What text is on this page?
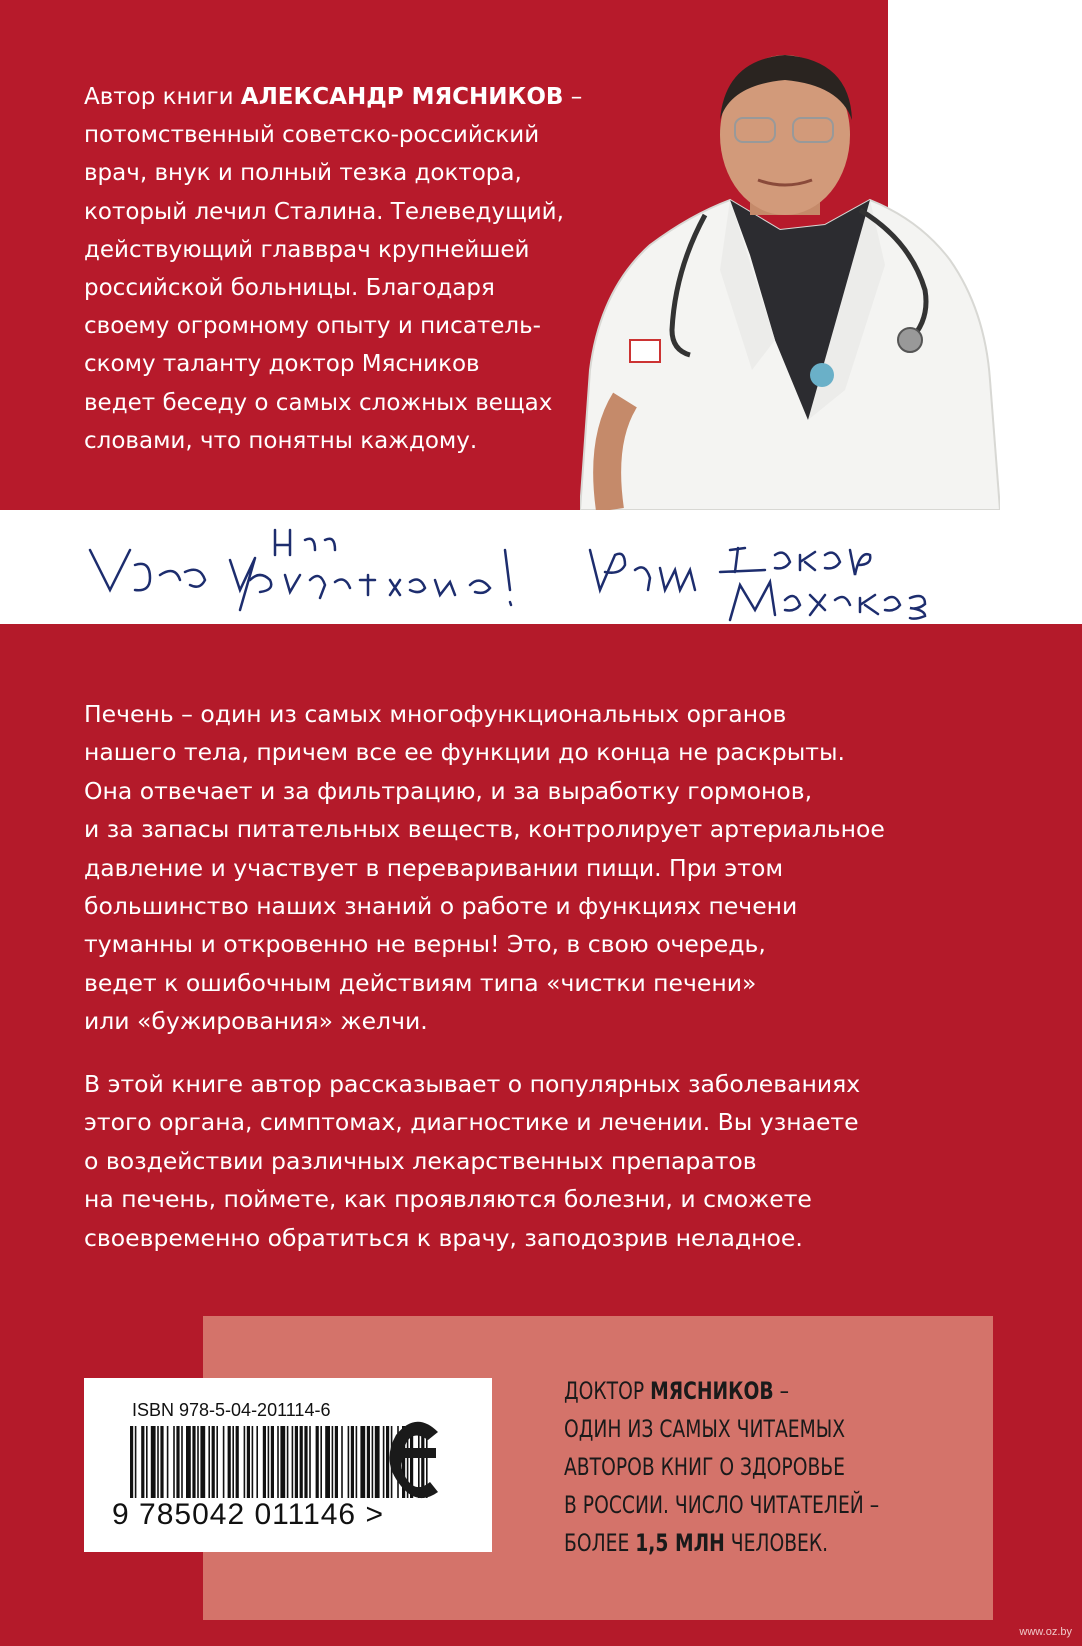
Автор книги АЛЕКСАНДР МЯСНИКОВ –
потомственный советско-российский
врач, внук и полный тезка доктора,
который лечил Сталина. Телеведущий,
действующий главврач крупнейшей
российской больницы. Благодаря
своему огромному опыту и писатель-
скому таланту доктор Мясников
ведет беседу о самых сложных вещах
словами, что понятны каждому.
Печень – один из самых многофункциональных органов
нашего тела, причем все ее функции до конца не раскрыты.
Она отвечает и за фильтрацию, и за выработку гормонов,
и за запасы питательных веществ, контролирует артериальное
давление и участвует в переваривании пищи. При этом
большинство наших знаний о работе и функциях печени
туманны и откровенно не верны! Это, в свою очередь,
ведет к ошибочным действиям типа «чистки печени»
или «бужирования» желчи.
В этой книге автор рассказывает о популярных заболеваниях
этого органа, симптомах, диагностике и лечении. Вы узнаете
о воздействии различных лекарственных препаратов
на печень, поймете, как проявляются болезни, и сможете
своевременно обратиться к врачу, заподозрив неладное.
ISBN 978-5-04-201114-6
9 785042 011146 >
ДОКТОР МЯСНИКОВ –
ОДИН ИЗ САМЫХ ЧИТАЕМЫХ
АВТОРОВ КНИГ О ЗДОРОВЬЕ
В РОССИИ. ЧИСЛО ЧИТАТЕЛЕЙ –
БОЛЕЕ 1,5 МЛН ЧЕЛОВЕК.
www.oz.by
